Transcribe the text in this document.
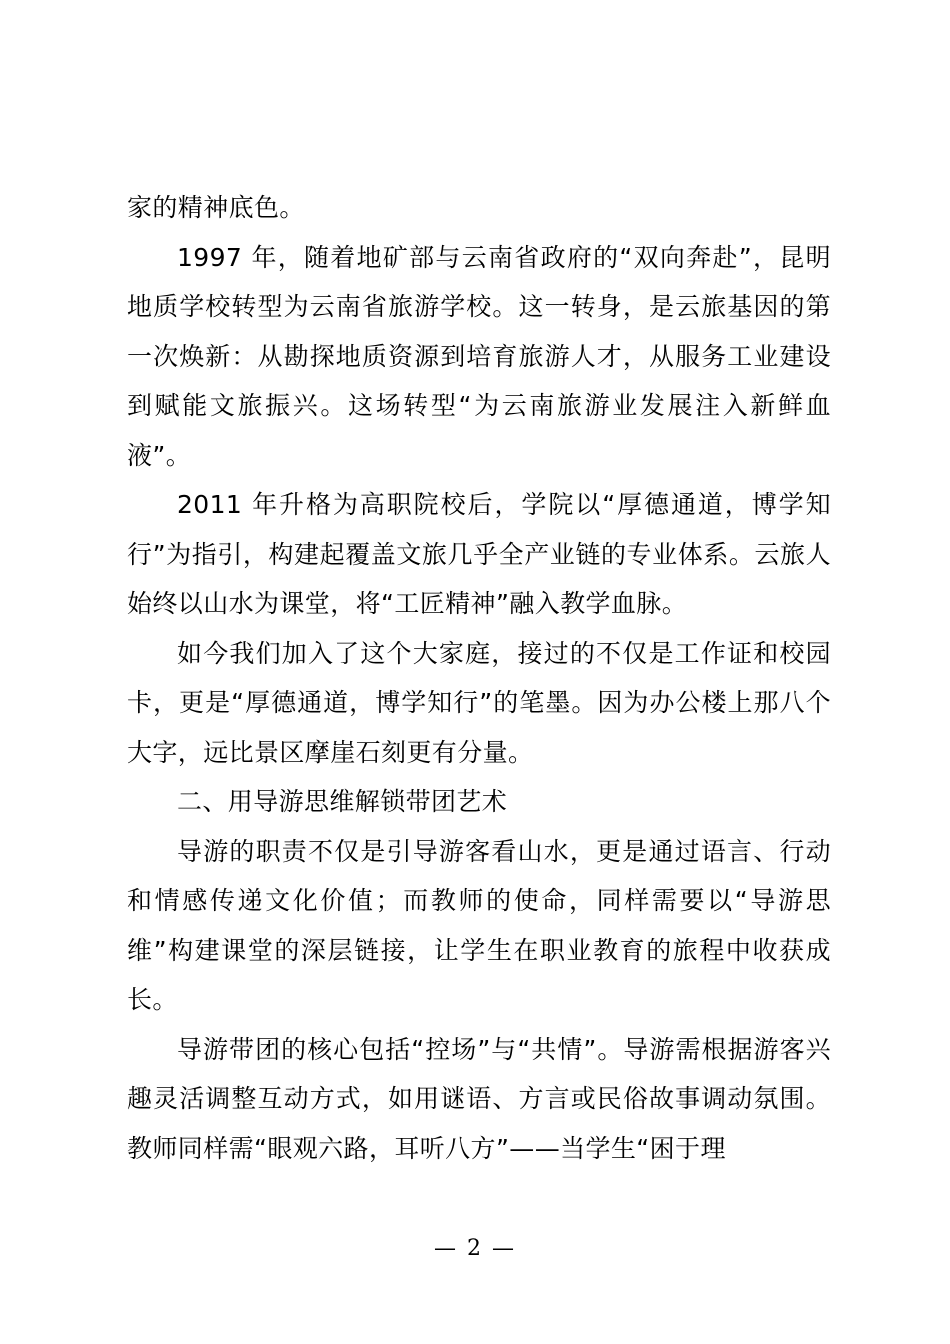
家的精神底色。

1997 年，随着地矿部与云南省政府的“双向奔赴”，昆明地质学校转型为云南省旅游学校。这一转身，是云旅基因的第一次焕新：从勘探地质资源到培育旅游人才，从服务工业建设到赋能文旅振兴。这场转型“为云南旅游业发展注入新鲜血液”。

2011 年升格为高职院校后，学院以“厚德通道，博学知行”为指引，构建起覆盖文旅几乎全产业链的专业体系。云旅人始终以山水为课堂，将“工匠精神”融入教学血脉。

如今我们加入了这个大家庭，接过的不仅是工作证和校园卡，更是“厚德通道，博学知行”的笔墨。因为办公楼上那八个大字，远比景区摩崖石刻更有分量。

二、用导游思维解锁带团艺术

导游的职责不仅是引导游客看山水，更是通过语言、行动和情感传递文化价值；而教师的使命，同样需要以“导游思维”构建课堂的深层链接，让学生在职业教育的旅程中收获成长。

导游带团的核心包括“控场”与“共情”。导游需根据游客兴趣灵活调整互动方式，如用谜语、方言或民俗故事调动氛围。教师同样需“眼观六路，耳听八方”——当学生“困于理

— 2 —
